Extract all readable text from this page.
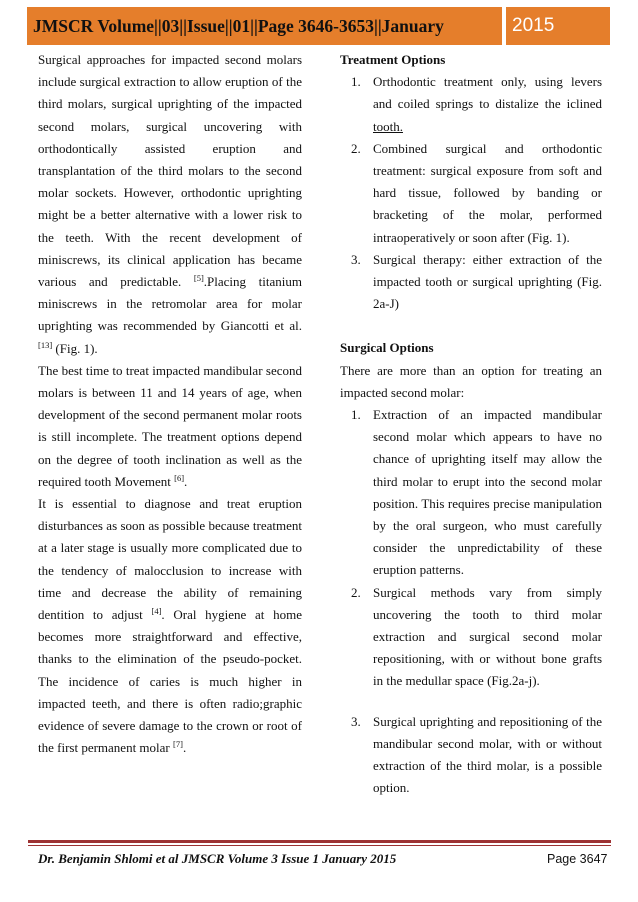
JMSCR Volume||03||Issue||01||Page 3646-3653||January	2015

Surgical approaches for impacted second molars include surgical extraction to allow eruption of the third molars, surgical uprighting of the impacted second molars, surgical uncovering with orthodontically assisted eruption and transplantation of the third molars to the second molar sockets. However, orthodontic uprighting might be a better alternative with a lower risk to the teeth. With the recent development of miniscrews, its clinical application has became various and predictable. [5].Placing titanium miniscrews in the retromolar area for molar uprighting was recommended by Giancotti et al. [13] (Fig. 1).

The best time to treat impacted mandibular second molars is between 11 and 14 years of age, when development of the second permanent molar roots is still incomplete. The treatment options depend on the degree of tooth inclination as well as the required tooth Movement [6].

It is essential to diagnose and treat eruption disturbances as soon as possible because treatment at a later stage is usually more complicated due to the tendency of malocclusion to increase with time and decrease the ability of remaining dentition to adjust [4]. Oral hygiene at home becomes more straightforward and effective, thanks to the elimination of the pseudo-pocket. The incidence of caries is much higher in impacted teeth, and there is often radio;graphic evidence of severe damage to the crown or root of the first permanent molar [7].

Treatment Options

1. Orthodontic treatment only, using levers and coiled springs to distalize the iclined tooth.
2. Combined surgical and orthodontic treatment: surgical exposure from soft and hard tissue, followed by banding or bracketing of the molar, performed intraoperatively or soon after (Fig. 1).
3. Surgical therapy: either extraction of the impacted tooth or surgical uprighting (Fig. 2a-J)

Surgical Options

There are more than an option for treating an impacted second molar:

1. Extraction of an impacted mandibular second molar which appears to have no chance of uprighting itself may allow the third molar to erupt into the second molar position. This requires precise manipulation by the oral surgeon, who must carefully consider the unpredictability of these eruption patterns.
2. Surgical methods vary from simply uncovering the tooth to third molar extraction and surgical second molar repositioning, with or without bone grafts in the medullar space (Fig.2a-j).
3. Surgical uprighting and repositioning of the mandibular second molar, with or without extraction of the third molar, is a possible option.
Dr. Benjamin Shlomi et al JMSCR Volume 3 Issue 1 January 2015	Page 3647
